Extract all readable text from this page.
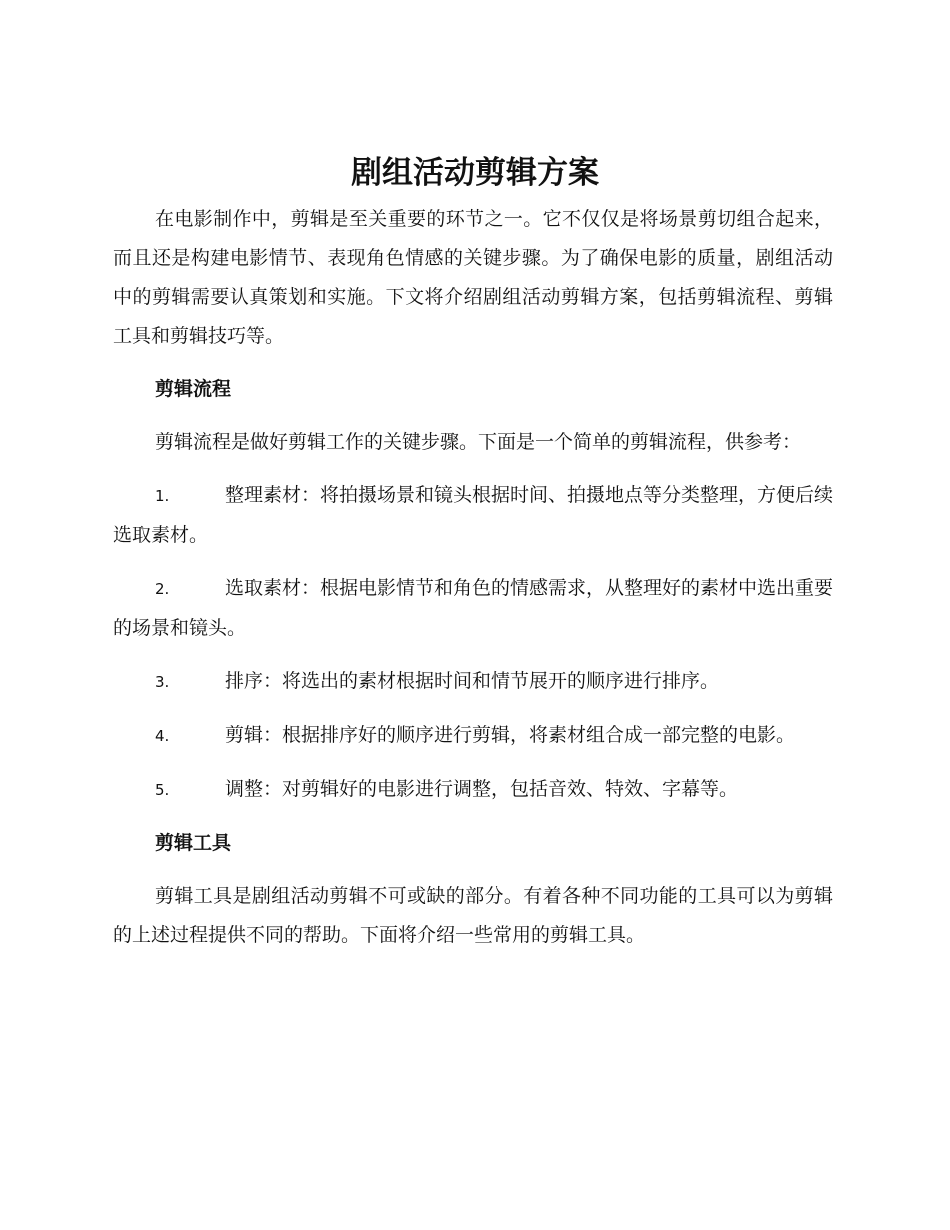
剧组活动剪辑方案

在电影制作中，剪辑是至关重要的环节之一。它不仅仅是将场景剪切组合起来，而且还是构建电影情节、表现角色情感的关键步骤。为了确保电影的质量，剧组活动中的剪辑需要认真策划和实施。下文将介绍剧组活动剪辑方案，包括剪辑流程、剪辑工具和剪辑技巧等。

剪辑流程

剪辑流程是做好剪辑工作的关键步骤。下面是一个简单的剪辑流程，供参考：

1.	整理素材：将拍摄场景和镜头根据时间、拍摄地点等分类整理，方便后续选取素材。

2.	选取素材：根据电影情节和角色的情感需求，从整理好的素材中选出重要的场景和镜头。

3.	排序：将选出的素材根据时间和情节展开的顺序进行排序。

4.	剪辑：根据排序好的顺序进行剪辑，将素材组合成一部完整的电影。

5.	调整：对剪辑好的电影进行调整，包括音效、特效、字幕等。

剪辑工具

剪辑工具是剧组活动剪辑不可或缺的部分。有着各种不同功能的工具可以为剪辑的上述过程提供不同的帮助。下面将介绍一些常用的剪辑工具。
